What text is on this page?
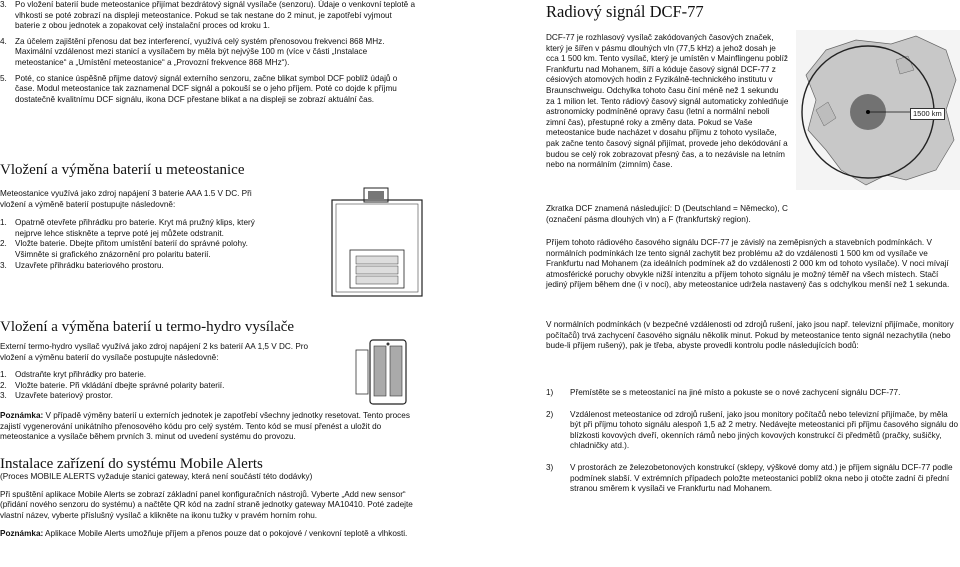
3. Po vložení baterií bude meteostanice přijímat bezdrátový signál vysílače (senzoru). Údaje o venkovní teplotě a vlhkosti se poté zobrazí na displeji meteostanice. Pokud se tak nestane do 2 minut, je zapotřebí vyjmout baterie z obou jednotek a zopakovat celý instalační proces od kroku 1.
4. Za účelem zajištění přenosu dat bez interferencí, využívá celý systém přenosovou frekvenci 868 MHz. Maximální vzdálenost mezi stanicí a vysílačem by měla být nejvýše 100 m (více v části „Instalace meteostanice“ a „Umístění meteostanice“ a „Provozní frekvence 868 MHz“).
5. Poté, co stanice úspěšně přijme datový signál externího senzoru, začne blikat symbol DCF poblíž údajů o čase. Modul meteostanice tak zaznamenal DCF signál a pokouší se o jeho příjem. Poté co dojde k příjmu dostatečně kvalitnímu DCF signálu, ikona DCF přestane blikat a na displeji se zobrazí aktuální čas.
Vložení a výměna baterií u meteostanice

Meteostanice využívá jako zdroj napájení 3 baterie AAA 1.5 V DC. Při vložení a výměně baterií postupujte následovně:

1. Opatrně otevřete přihrádku pro baterie. Kryt má pružný klips, který nejprve lehce stiskněte a teprve poté jej můžete odstranit.
2. Vložte baterie. Dbejte přitom umístění baterií do správné polohy. Všimněte si grafického znázornění pro polaritu baterií.
3. Uzavřete přihrádku bateriového prostoru.
Vložení a výměna baterií u termo-hydro vysílače

Externí termo-hydro vysílač využívá jako zdroj napájení 2 ks baterií AA 1,5 V DC. Pro vložení a výměnu baterií do vysílače postupujte následovně:

1. Odstraňte kryt přihrádky pro baterie.
2. Vložte baterie. Při vkládání dbejte správné polarity baterií.
3. Uzavřete bateriový prostor.

Poznámka: V případě výměny baterií u externích jednotek je zapotřebí všechny jednotky resetovat. Tento proces zajistí vygenerování unikátního přenosového kódu pro celý systém. Tento kód se musí přenést a uložit do meteostanice a vysílače během prvních 3. minut od uvedení systému do provozu.

Instalace zařízení do systému Mobile Alerts

(Proces MOBILE ALERTS vyžaduje stanici gateway, která není součástí této dodávky)

Při spuštění aplikace Mobile Alerts se zobrazí základní panel konfiguračních nástrojů. Vyberte „Add new sensor“ (přidání nového senzoru do systému) a načtěte QR kód na zadní straně jednotky gateway MA10410. Poté zadejte vlastní název, vyberte příslušný vysílač a klikněte na ikonu tužky v pravém horním rohu.

Poznámka: Aplikace Mobile Alerts umožňuje příjem a přenos pouze dat o pokojové / venkovní teplotě a vlhkosti.

Radiový signál DCF-77

DCF-77 je rozhlasový vysílač zakódovaných časových značek, který je šířen v pásmu dlouhých vln (77,5 kHz) a jehož dosah je cca 1 500 km. Tento vysílač, který je umístěn v Mainflingenu poblíž Frankfurtu nad Mohanem, šíří a kóduje časový signál DCF-77 z césiových atomových hodin z Fyzikálně-technického institutu v Braunschweigu. Odchylka tohoto času činí méně než 1 sekundu za 1 milion let. Tento rádiový časový signál automaticky zohledňuje astronomicky podmíněné opravy času (letní a normální neboli zimní čas), přestupné roky a změny data. Pokud se Vaše meteostanice bude nacházet v dosahu příjmu z tohoto vysílače, pak začne tento časový signál přijímat, provede jeho dekódování a budou se celý rok zobrazovat přesný čas, a to nezávisle na letním nebo na normálním (zimním) čase.

1500 km

Zkratka DCF znamená následující: D (Deutschland = Německo), C (označení pásma dlouhých vln) a F (frankfurtský region).

Příjem tohoto rádiového časového signálu DCF-77 je závislý na zeměpisných a stavebních podmínkách. V normálních podmínkách lze tento signál zachytit bez problému až do vzdálenosti 1 500 km od vysílače ve Frankfurtu nad Mohanem (za ideálních podmínek až do vzdálenosti 2 000 km od tohoto vysílače). V noci mívají atmosférické poruchy obvykle nižší intenzitu a příjem tohoto signálu je možný téměř na všech místech. Stačí jediný příjem během dne (i v noci), aby meteostanice udržela nastavený čas s odchylkou menší než 1 sekunda.

V normálních podmínkách (v bezpečné vzdálenosti od zdrojů rušení, jako jsou např. televizní přijímače, monitory počítačů) trvá zachycení časového signálu několik minut. Pokud by meteostanice tento signál nezachytila (nebo bude-li příjem rušený), pak je třeba, abyste provedli kontrolu podle následujících bodů:

1) Přemístěte se s meteostanicí na jiné místo a pokuste se o nové zachycení signálu DCF-77.
2) Vzdálenost meteostanice od zdrojů rušení, jako jsou monitory počítačů nebo televizní přijímače, by měla být při příjmu tohoto signálu alespoň 1,5 až 2 metry. Nedávejte meteostanici při příjmu časového signálu do blízkosti kovových dveří, okenních rámů nebo jiných kovových konstrukcí či předmětů (pračky, sušičky, chladničky atd.).
3) V prostorách ze železobetonových konstrukcí (sklepy, výškové domy atd.) je příjem signálu DCF-77 podle podmínek slabší. V extrémních případech položte meteostanici poblíž okna nebo ji otočte zadní či přední stranou směrem k vysílači ve Frankfurtu nad Mohanem.
